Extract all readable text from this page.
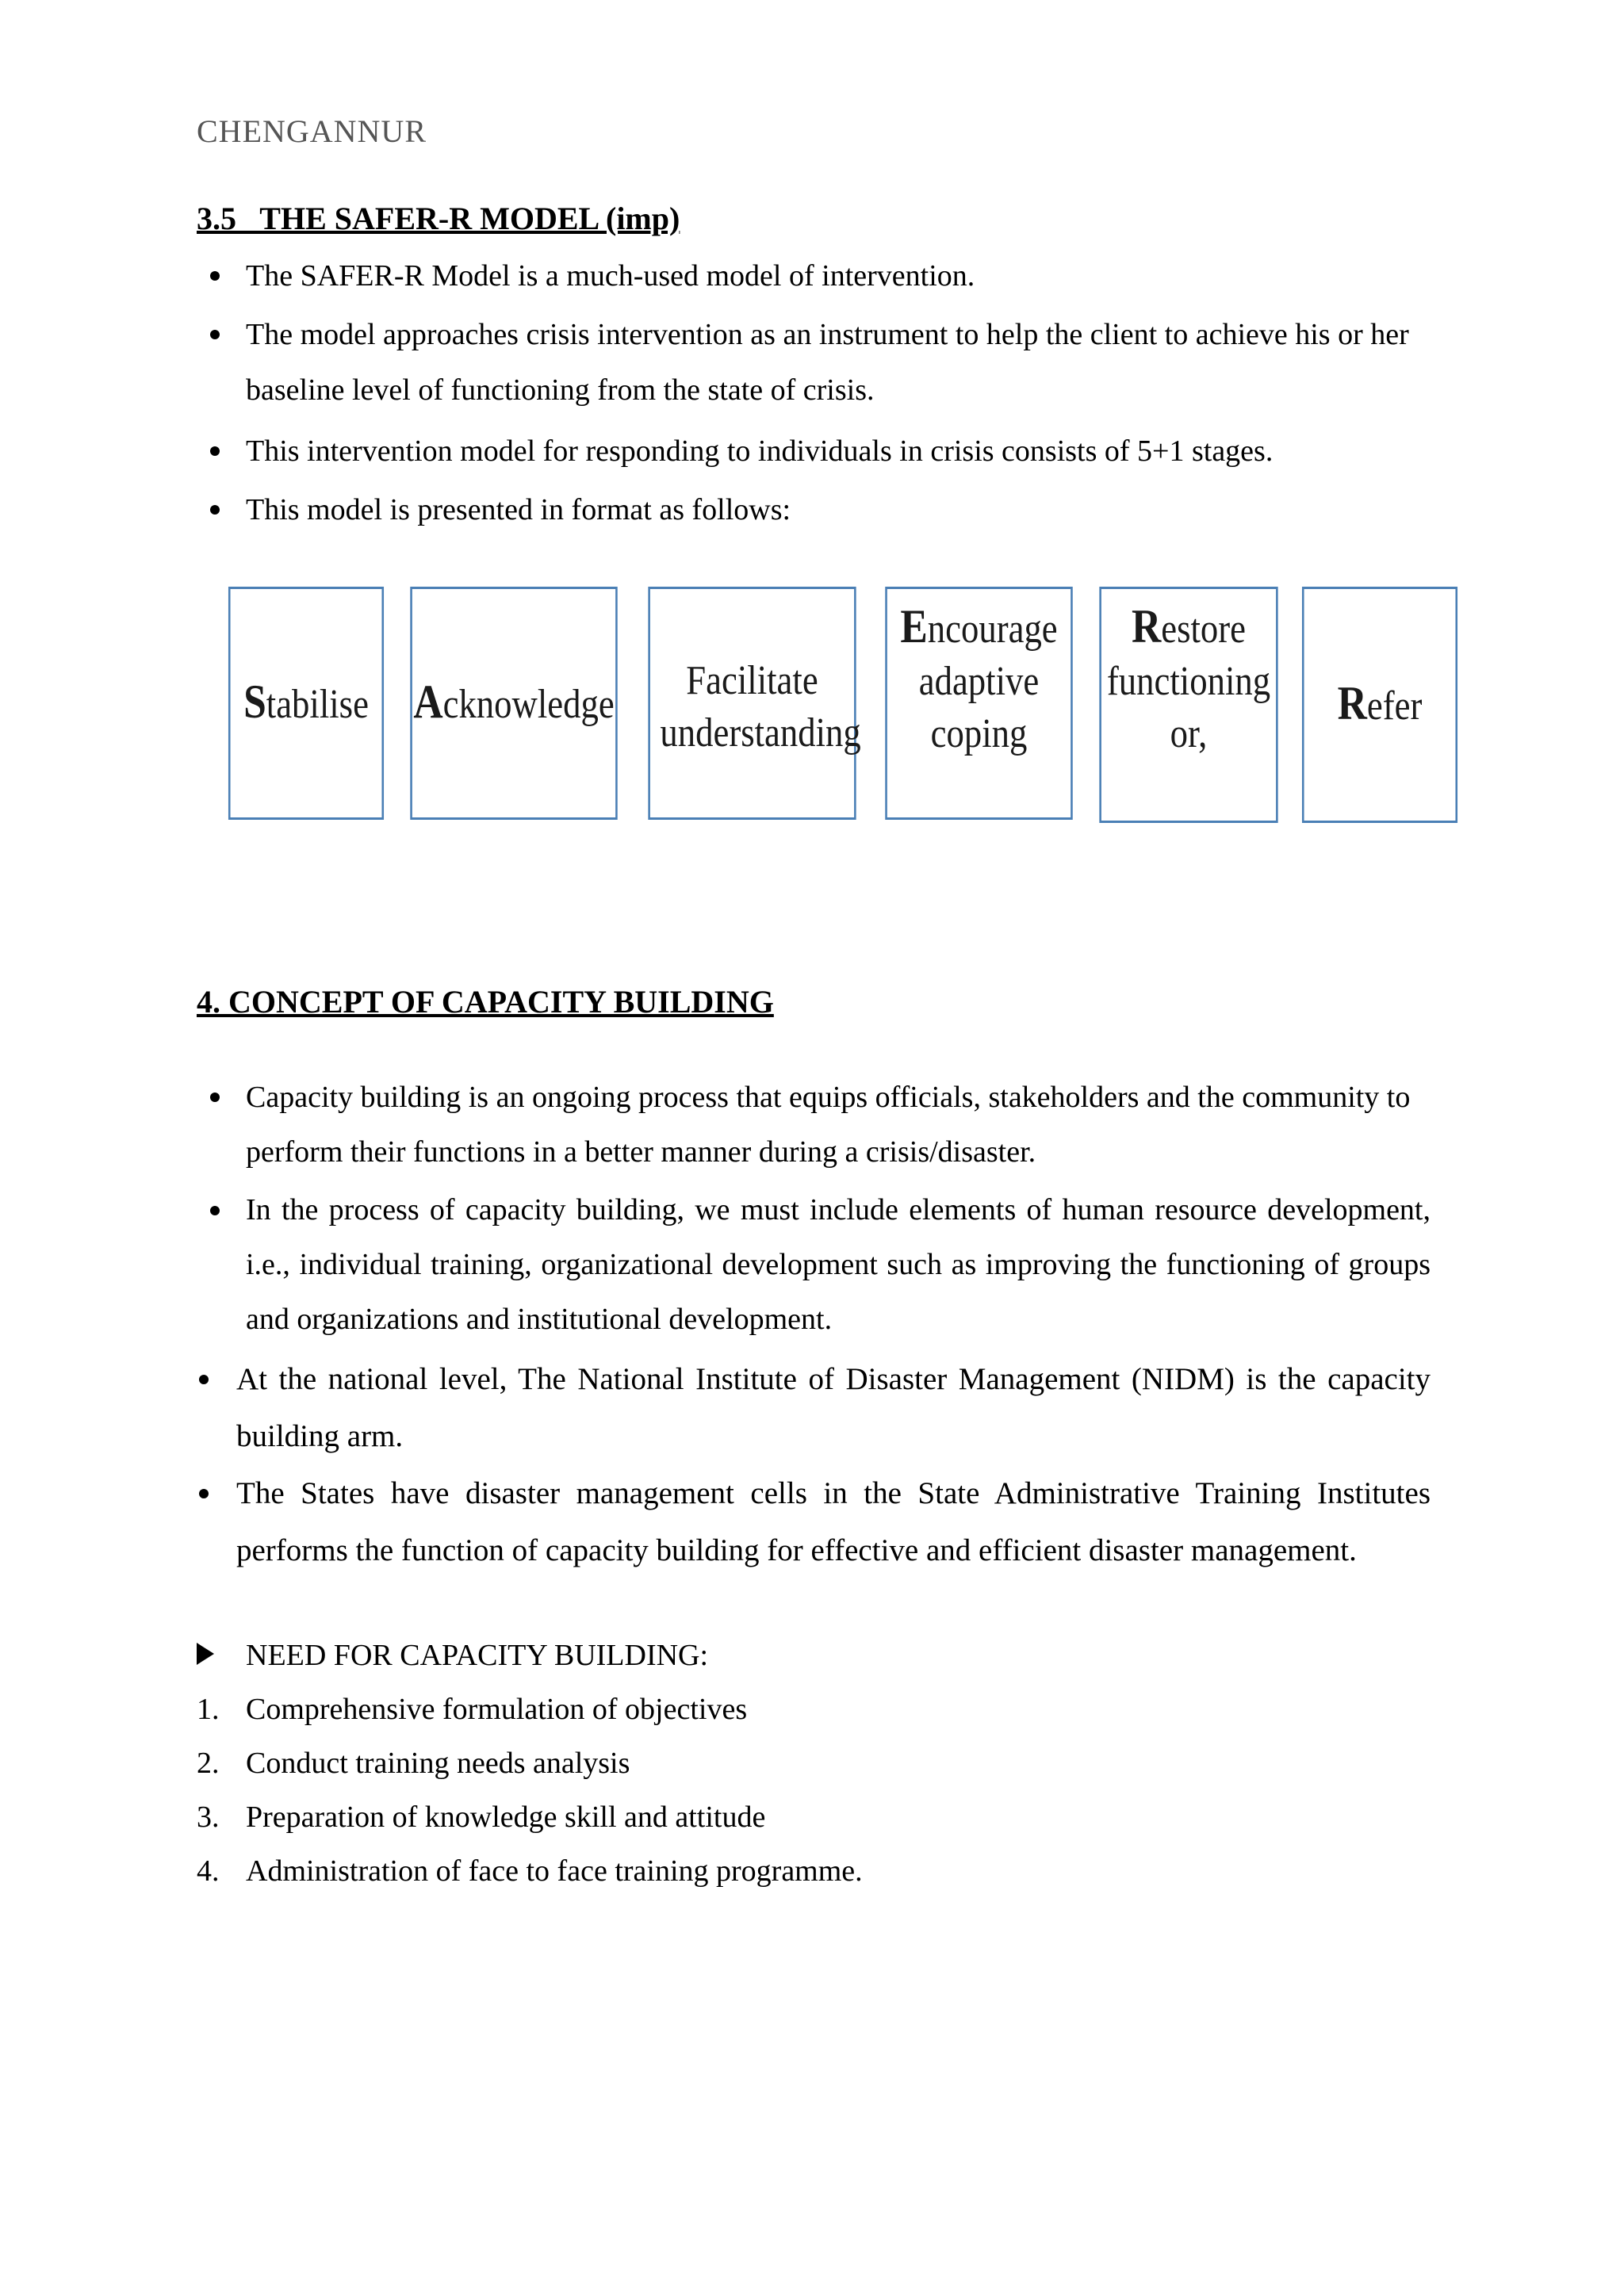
CHENGANNUR
3.5   THE SAFER-R MODEL (imp)
The SAFER-R Model is a much-used model of intervention.
The model approaches crisis intervention as an instrument to help the client to achieve his or her baseline level of functioning from the state of crisis.
This intervention model for responding to individuals in crisis consists of 5+1 stages.
This model is presented in format as follows:
Stabilise Acknowledge
Facilitate understanding
Encourage adaptive coping
Restore functioning or,
Refer
4. CONCEPT OF CAPACITY BUILDING
Capacity building is an ongoing process that equips officials, stakeholders and the community to perform their functions in a better manner during a crisis/disaster.
In the process of capacity building, we must include elements of human resource development, i.e., individual training, organizational development such as improving the functioning of groups and organizations and institutional development.
At the national level, The National Institute of Disaster Management (NIDM) is the capacity building arm.
The States have disaster management cells in the State Administrative Training Institutes performs the function of capacity building for effective and efficient disaster management.
NEED FOR CAPACITY BUILDING:
1. Comprehensive formulation of objectives
2. Conduct training needs analysis
3. Preparation of knowledge skill and attitude
4. Administration of face to face training programme.
